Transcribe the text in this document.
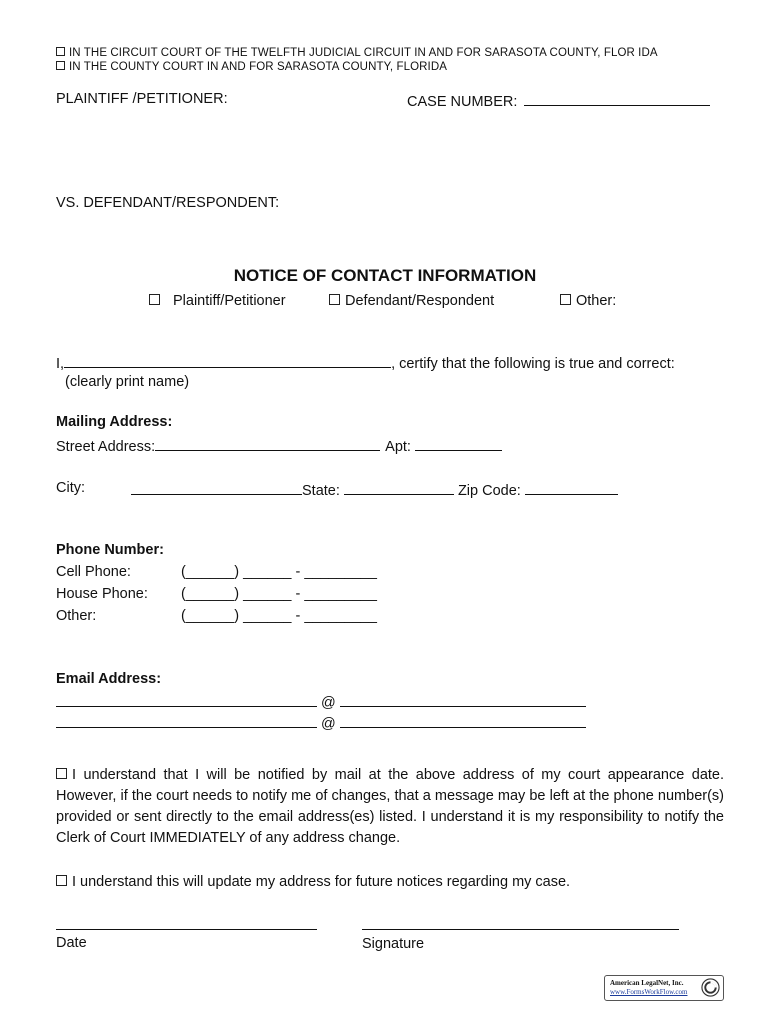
IN THE CIRCUIT COURT OF THE TWELFTH JUDICIAL CIRCUIT IN AND FOR SARASOTA COUNTY, FLOR IDA
IN THE COUNTY COURT IN AND FOR SARASOTA COUNTY, FLORIDA
PLAINTIFF /PETITIONER:	CASE NUMBER:
VS. DEFENDANT/RESPONDENT:
NOTICE OF CONTACT INFORMATION
Plaintiff/Petitioner	Defendant/Respondent	Other:
I,	, certify that the following is true and correct:
(clearly print name)
Mailing Address:
Street Address:	Apt:
City:	State:	Zip Code:
Phone Number:
Cell Phone:	(______) ______ - _________
House Phone: (______) ______ - _________
Other:	(______) ______ - _________
Email Address:
@
@
I understand that I will be notified by mail at the above address of my court appearance date. However, if the court needs to notify me of changes, that a message may be left at the phone number(s) provided or sent directly to the email address(es) listed. I understand it is my responsibility to notify the Clerk of Court IMMEDIATELY of any address change.
I understand this will update my address for future notices regarding my case.
Date	Signature
American LegalNet, Inc.
www.FormsWorkFlow.com
